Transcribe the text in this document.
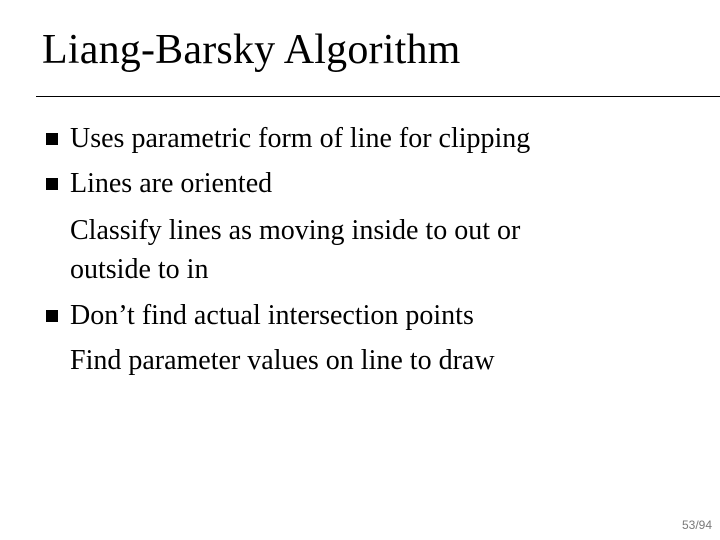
Liang-Barsky Algorithm
Uses parametric form of line for clipping
Lines are oriented
Classify lines as moving inside to out or
outside to in
Don’t find actual intersection points
Find parameter values on line to draw
53/94
